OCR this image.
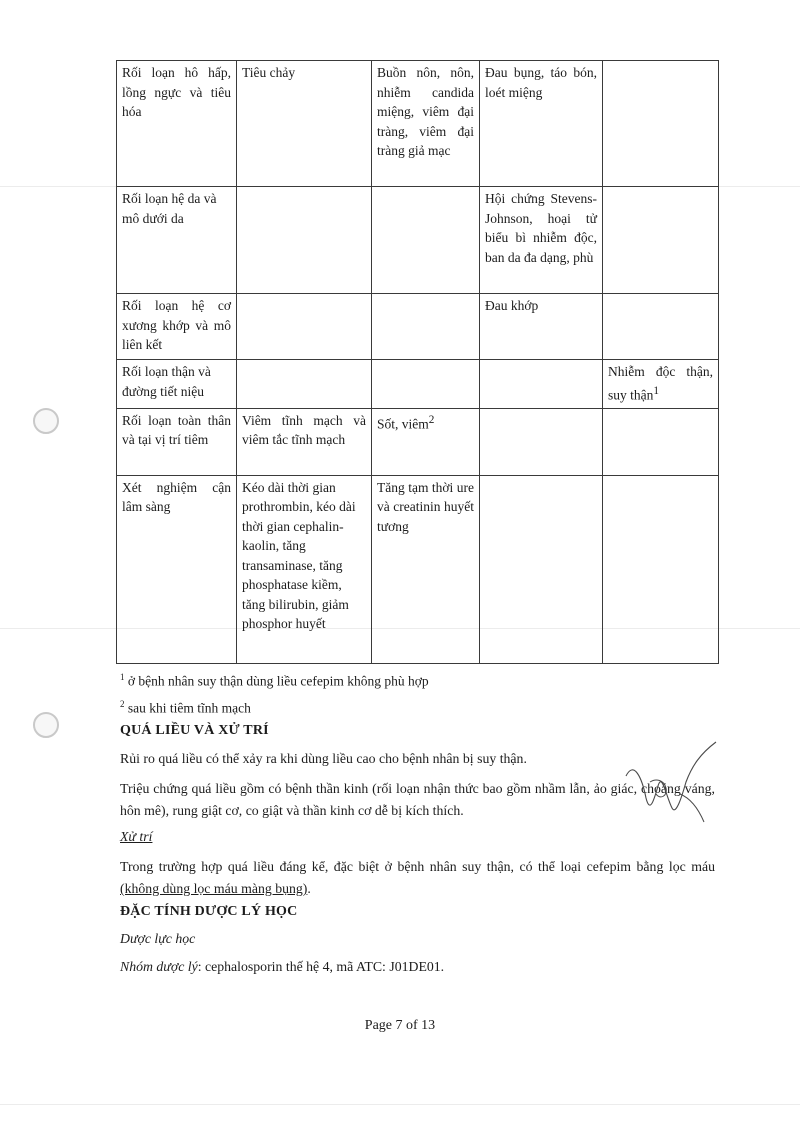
Rối loạn hô hấp, lồng ngực và tiêu hóa	Tiêu chảy	Buồn nôn, nôn, nhiễm candida miệng, viêm đại tràng, viêm đại tràng giả mạc	Đau bụng, táo bón, loét miệng	
Rối loạn hệ da và mô dưới da			Hội chứng Stevens-Johnson, hoại tử biểu bì nhiễm độc, ban da đa dạng, phù	
Rối loạn hệ cơ xương khớp và mô liên kết			Đau khớp	
Rối loạn thận và đường tiết niệu				Nhiễm độc thận, suy thận$^1$
Rối loạn toàn thân và tại vị trí tiêm	Viêm tĩnh mạch và viêm tắc tĩnh mạch	Sốt, viêm$^2$		
Xét nghiệm cận lâm sàng	Kéo dài thời gian prothrombin, kéo dài thời gian cephalin-kaolin, tăng transaminase, tăng phosphatase kiềm, tăng bilirubin, giảm phosphor huyết	Tăng tạm thời ure và creatinin huyết tương		
$^1$ ở bệnh nhân suy thận dùng liều cefepim không phù hợp
$^2$ sau khi tiêm tĩnh mạch
QUÁ LIỀU VÀ XỬ TRÍ
Rủi ro quá liều có thể xảy ra khi dùng liều cao cho bệnh nhân bị suy thận.
Triệu chứng quá liều gồm có bệnh thần kinh (rối loạn nhận thức bao gồm nhầm lẫn, ảo giác, choáng váng, hôn mê), rung giật cơ, co giật và thần kinh cơ dễ bị kích thích.
Xử trí
Trong trường hợp quá liều đáng kể, đặc biệt ở bệnh nhân suy thận, có thể loại cefepim bằng lọc máu (không dùng lọc máu màng bụng).
ĐẶC TÍNH DƯỢC LÝ HỌC
Dược lực học
Nhóm dược lý: cephalosporin thế hệ 4, mã ATC: J01DE01.
Page 7 of 13
